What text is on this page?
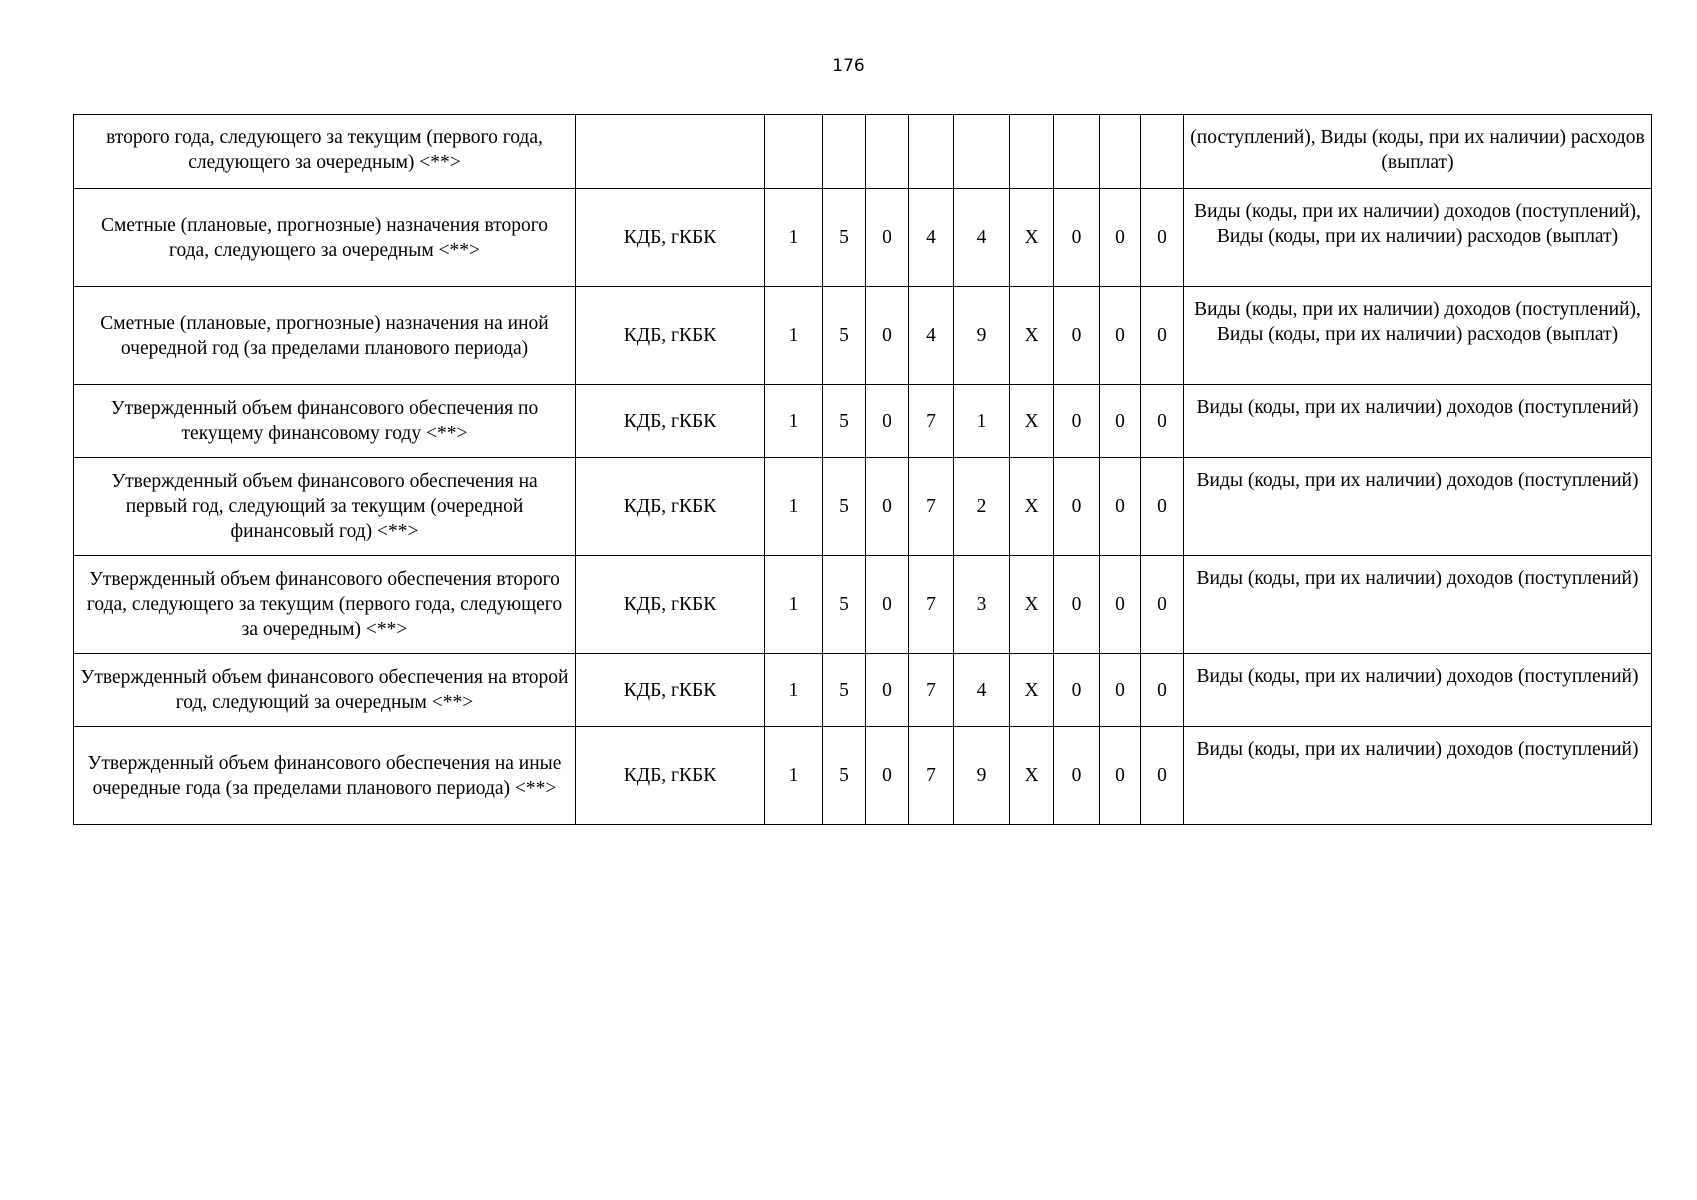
176
второго года, следующего за текущим (первого года, следующего за очередным) <**>											(поступлений), Виды (коды, при их наличии) расходов (выплат)
Сметные (плановые, прогнозные) назначения второго года, следующего за очередным <**>	КДБ, гКБК	1	5	0	4	4	X	0	0	0	Виды (коды, при их наличии) доходов (поступлений), Виды (коды, при их наличии) расходов (выплат)
Сметные (плановые, прогнозные) назначения на иной очередной год (за пределами планового периода)	КДБ, гКБК	1	5	0	4	9	X	0	0	0	Виды (коды, при их наличии) доходов (поступлений), Виды (коды, при их наличии) расходов (выплат)
Утвержденный объем финансового обеспечения по текущему финансовому году <**>	КДБ, гКБК	1	5	0	7	1	X	0	0	0	Виды (коды, при их наличии) доходов (поступлений)
Утвержденный объем финансового обеспечения на первый год, следующий за текущим (очередной финансовый год) <**>	КДБ, гКБК	1	5	0	7	2	X	0	0	0	Виды (коды, при их наличии) доходов (поступлений)
Утвержденный объем финансового обеспечения второго года, следующего за текущим (первого года, следующего за очередным) <**>	КДБ, гКБК	1	5	0	7	3	X	0	0	0	Виды (коды, при их наличии) доходов (поступлений)
Утвержденный объем финансового обеспечения на второй год, следующий за очередным <**>	КДБ, гКБК	1	5	0	7	4	X	0	0	0	Виды (коды, при их наличии) доходов (поступлений)
Утвержденный объем финансового обеспечения на иные очередные года (за пределами планового периода) <**>	КДБ, гКБК	1	5	0	7	9	X	0	0	0	Виды (коды, при их наличии) доходов (поступлений)
